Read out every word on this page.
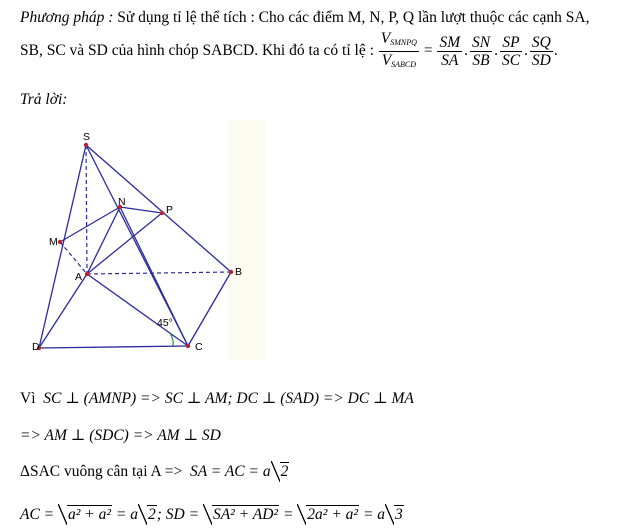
Phương pháp : Sử dụng tỉ lệ thể tích : Cho các điểm M, N, P, Q lần lượt thuộc các cạnh SA,
SB, SC và SD của hình chóp SABCD. Khi đó ta có tỉ lệ : $\frac{V_{SMNPQ}}{V_{SABCD}} = \frac{SM}{SA}$ . $\frac{SN}{SB}$ . $\frac{SP}{SC}$ . $\frac{SQ}{SD}$ .
Trả lời:
S
N
P
M
A	B
C
D
45°
Vì SC ⊥ (AMNP) => SC ⊥ AM; DC ⊥ (SAD) => DC ⊥ MA
=> AM ⊥ (SDC) => AM ⊥ SD
ΔSAC vuông cân tại A => SA = AC = a 2
AC = a² + a² = a 2; SD = SA² + AD² = 2a² + a² = a 3
